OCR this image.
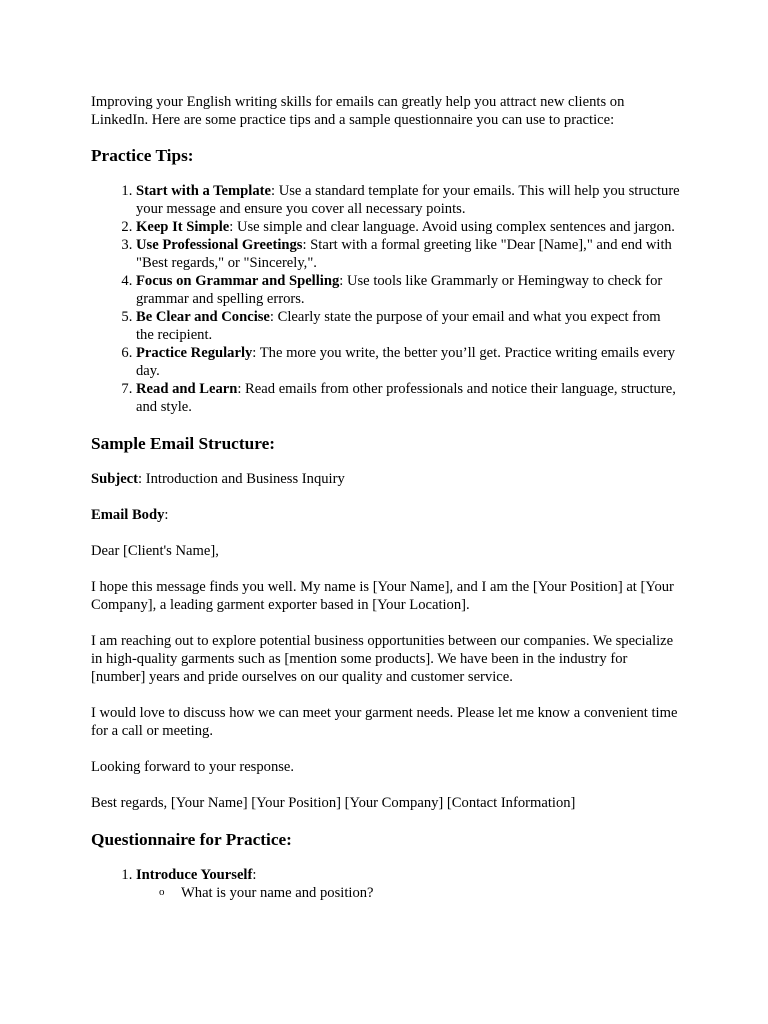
Improving your English writing skills for emails can greatly help you attract new clients on LinkedIn. Here are some practice tips and a sample questionnaire you can use to practice:

Practice Tips:
1. Start with a Template: Use a standard template for your emails. This will help you structure your message and ensure you cover all necessary points.
2. Keep It Simple: Use simple and clear language. Avoid using complex sentences and jargon.
3. Use Professional Greetings: Start with a formal greeting like "Dear [Name]," and end with "Best regards," or "Sincerely,".
4. Focus on Grammar and Spelling: Use tools like Grammarly or Hemingway to check for grammar and spelling errors.
5. Be Clear and Concise: Clearly state the purpose of your email and what you expect from the recipient.
6. Practice Regularly: The more you write, the better you’ll get. Practice writing emails every day.
7. Read and Learn: Read emails from other professionals and notice their language, structure, and style.
Sample Email Structure:

Subject: Introduction and Business Inquiry

Email Body:

Dear [Client's Name],

I hope this message finds you well. My name is [Your Name], and I am the [Your Position] at [Your Company], a leading garment exporter based in [Your Location].

I am reaching out to explore potential business opportunities between our companies. We specialize in high-quality garments such as [mention some products]. We have been in the industry for [number] years and pride ourselves on our quality and customer service.

I would love to discuss how we can meet your garment needs. Please let me know a convenient time for a call or meeting.

Looking forward to your response.

Best regards, [Your Name] [Your Position] [Your Company] [Contact Information]

Questionnaire for Practice:
1. Introduce Yourself:
o What is your name and position?
